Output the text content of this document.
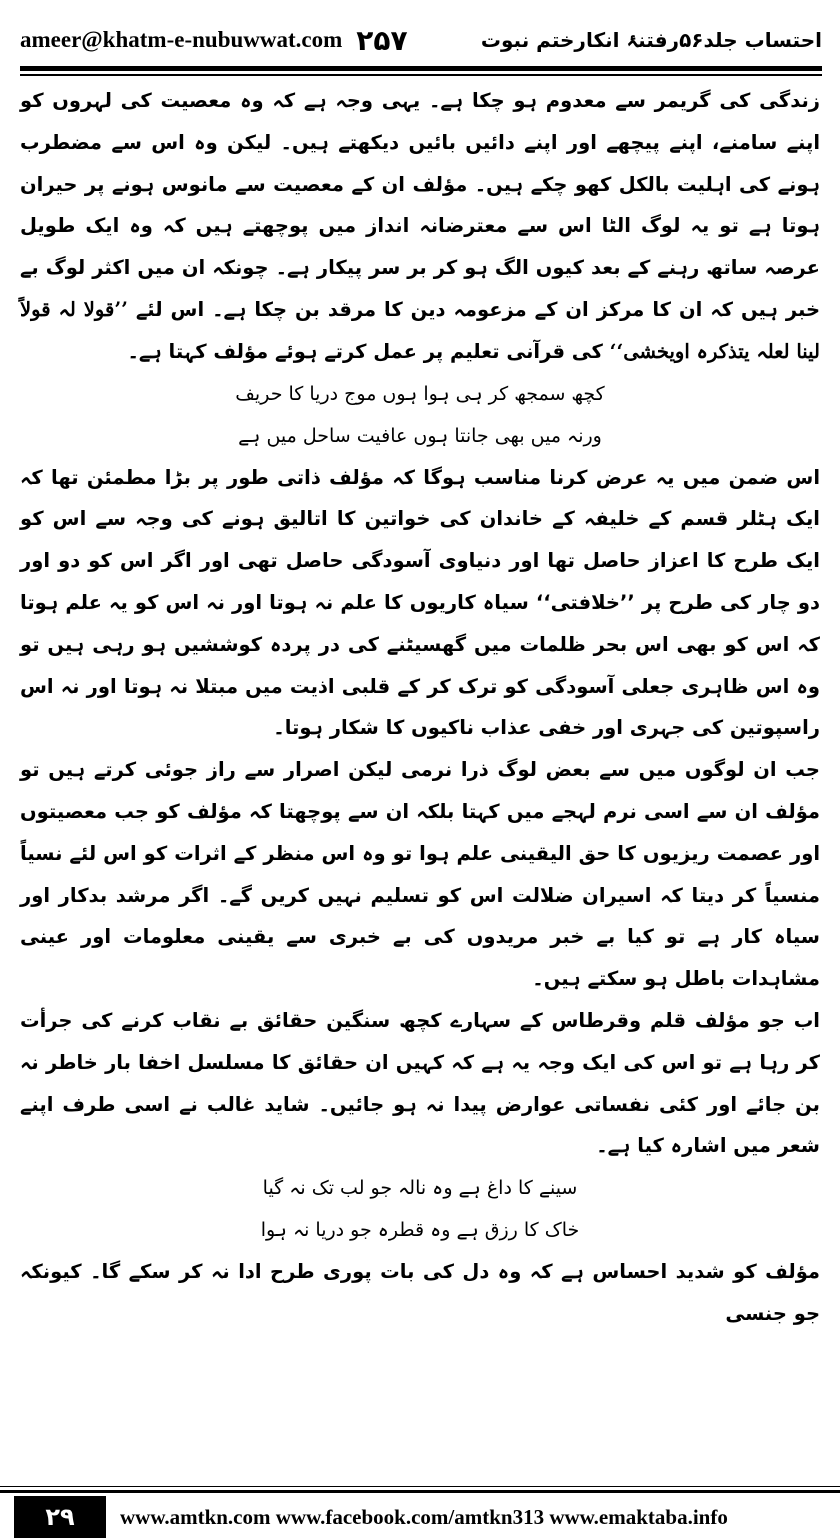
ameer@khatm-e-nubuwwat.com ۲۵۷	احتساب جلد۵۶رفتنۂ انکارختم نبوت

زندگی کی گریمر سے معدوم ہو چکا ہے۔ یہی وجہ ہے کہ وہ معصیت کی لہروں کو اپنے سامنے، اپنے پیچھے اور اپنے دائیں بائیں دیکھتے ہیں۔ لیکن وہ اس سے مضطرب ہونے کی اہلیت بالکل کھو چکے ہیں۔ مؤلف ان کے معصیت سے مانوس ہونے پر حیران ہوتا ہے تو یہ لوگ الٹا اس سے معترضانہ انداز میں پوچھتے ہیں کہ وہ ایک طویل عرصہ ساتھ رہنے کے بعد کیوں الگ ہو کر بر سر پیکار ہے۔ چونکہ ان میں اکثر لوگ بے خبر ہیں کہ ان کا مرکز ان کے مزعومہ دین کا مرقد بن چکا ہے۔ اس لئے ’’قولا لہ قولاً لینا لعلہ یتذکرہ اویخشی‘‘ کی قرآنی تعلیم پر عمل کرتے ہوئے مؤلف کہتا ہے۔

کچھ سمجھ کر ہی ہوا ہوں موج دریا کا حریف

ورنہ میں بھی جانتا ہوں عافیت ساحل میں ہے

اس ضمن میں یہ عرض کرنا مناسب ہوگا کہ مؤلف ذاتی طور پر بڑا مطمئن تھا کہ ایک ہٹلر قسم کے خلیفہ کے خاندان کی خواتین کا اتالیق ہونے کی وجہ سے اس کو ایک طرح کا اعزاز حاصل تھا اور دنیاوی آسودگی حاصل تھی اور اگر اس کو دو اور دو چار کی طرح پر ’’خلافتی‘‘ سیاہ کاریوں کا علم نہ ہوتا اور نہ اس کو یہ علم ہوتا کہ اس کو بھی اس بحر ظلمات میں گھسیٹنے کی در پردہ کوششیں ہو رہی ہیں تو وہ اس ظاہری جعلی آسودگی کو ترک کر کے قلبی اذیت میں مبتلا نہ ہوتا اور نہ اس راسپوتین کی جہری اور خفی عذاب ناکیوں کا شکار ہوتا۔

جب ان لوگوں میں سے بعض لوگ ذرا نرمی لیکن اصرار سے راز جوئی کرتے ہیں تو مؤلف ان سے اسی نرم لہجے میں کہتا بلکہ ان سے پوچھتا کہ مؤلف کو جب معصیتوں اور عصمت ریزیوں کا حق الیقینی علم ہوا تو وہ اس منظر کے اثرات کو اس لئے نسیاً منسیاً کر دیتا کہ اسیران ضلالت اس کو تسلیم نہیں کریں گے۔ اگر مرشد بدکار اور سیاہ کار ہے تو کیا بے خبر مریدوں کی بے خبری سے یقینی معلومات اور عینی مشاہدات باطل ہو سکتے ہیں۔

اب جو مؤلف قلم وقرطاس کے سہارے کچھ سنگین حقائق بے نقاب کرنے کی جرأت کر رہا ہے تو اس کی ایک وجہ یہ ہے کہ کہیں ان حقائق کا مسلسل اخفا بار خاطر نہ بن جائے اور کئی نفساتی عوارض پیدا نہ ہو جائیں۔ شاید غالب نے اسی طرف اپنے شعر میں اشارہ کیا ہے۔

سینے کا داغ ہے وہ نالہ جو لب تک نہ گیا

خاک کا رزق ہے وہ قطرہ جو دریا نہ ہوا

مؤلف کو شدید احساس ہے کہ وہ دل کی بات پوری طرح ادا نہ کر سکے گا۔ کیونکہ جو جنسی

۲۹	www.amtkn.com www.facebook.com/amtkn313 www.emaktaba.info
